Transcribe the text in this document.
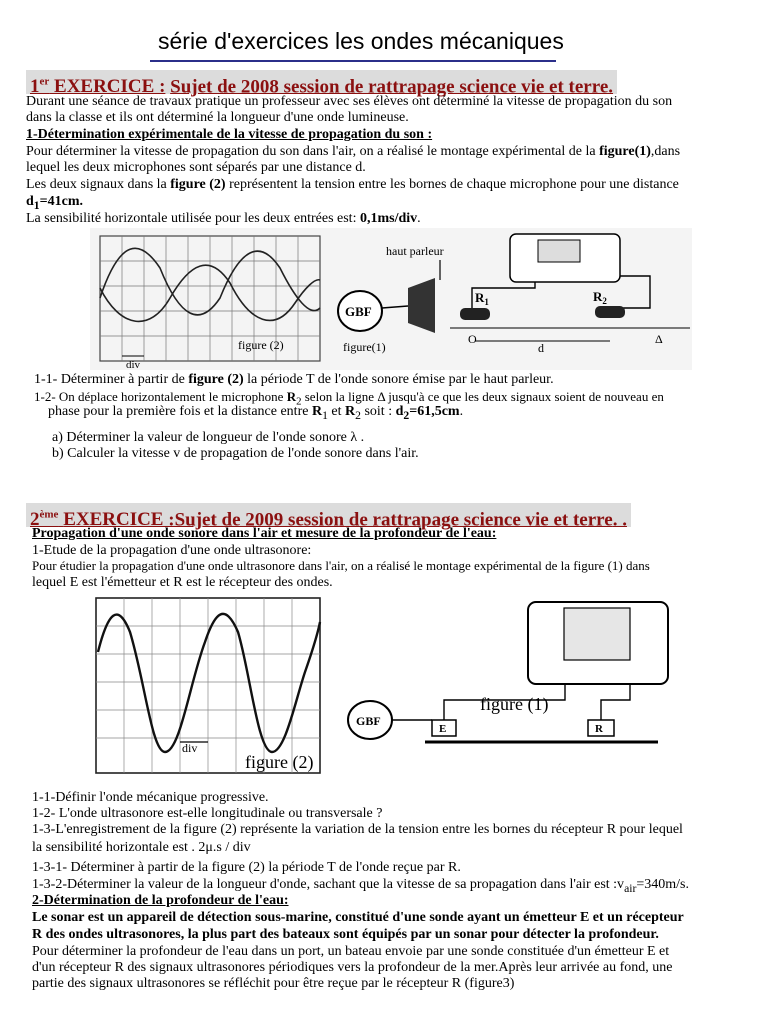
série d'exercices les ondes mécaniques
1er EXERCICE : Sujet de 2008 session de rattrapage science vie et terre.
Durant une séance de travaux pratique un professeur avec ses élèves ont déterminé la vitesse de propagation du son
dans la classe et ils ont déterminé la longueur d'une onde lumineuse.
1-Détermination expérimentale de la vitesse de propagation du son :
Pour déterminer la vitesse de propagation du son dans l'air, on a réalisé le montage expérimental de la figure(1),dans
lequel les deux microphones sont séparés par une distance d.
Les deux signaux dans la figure (2) représentent la tension entre les bornes de chaque microphone pour une distance
$d_1=41cm$.
La sensibilité horizontale utilisée pour les deux entrées est: 0,1ms/div.
div
figure (2)
haut parleur
GBF
$R_1$	$R_2$
O
d
Δ
figure(1)
1-1- Déterminer à partir de figure (2) la période T de l'onde sonore émise par le haut parleur.
1-2- On déplace horizontalement le microphone $R_2$ selon la ligne Δ jusqu'à ce que les deux signaux soient de nouveau en
phase pour la première fois et la distance entre $R_1$ et $R_2$ soit : $d_2=61,5cm$.
a) Déterminer la valeur de longueur de l'onde sonore λ .
b) Calculer la vitesse v de propagation de l'onde sonore dans l'air.
2ème EXERCICE :Sujet de 2009 session de rattrapage science vie et terre. .
Propagation d'une onde sonore dans l'air et mesure de la profondeur de l'eau:
1-Etude de la propagation d'une onde ultrasonore:
Pour étudier la propagation d'une onde ultrasonore dans l'air, on a réalisé le montage expérimental de la figure (1) dans
lequel E est l'émetteur et R est le récepteur des ondes.
div
figure (2)
GBF
E	R
figure (1)
1-1-Définir l'onde mécanique progressive.
1-2- L'onde ultrasonore est-elle longitudinale ou transversale ?
1-3-L'enregistrement de la figure (2) représente la variation de la tension entre les bornes du récepteur R pour lequel
la sensibilité horizontale est . 2μ.s / div
1-3-1- Déterminer à partir de la figure (2) la période T de l'onde reçue par R.
1-3-2-Déterminer la valeur de la longueur d'onde, sachant que la vitesse de sa propagation dans l'air est $:v_{air}=340m/s$.
2-Détermination de la profondeur de l'eau:
Le sonar est un appareil de détection sous-marine, constitué d'une sonde ayant un émetteur E et un récepteur
R des ondes ultrasonores, la plus part des bateaux sont équipés par un sonar pour détecter la profondeur.
Pour déterminer la profondeur de l'eau dans un port, un bateau envoie par une sonde constituée d'un émetteur E et
d'un récepteur R des signaux ultrasonores périodiques vers la profondeur de la mer.Après leur arrivée au fond, une
partie des signaux ultrasonores se réfléchit pour être reçue par le récepteur R (figure3)
